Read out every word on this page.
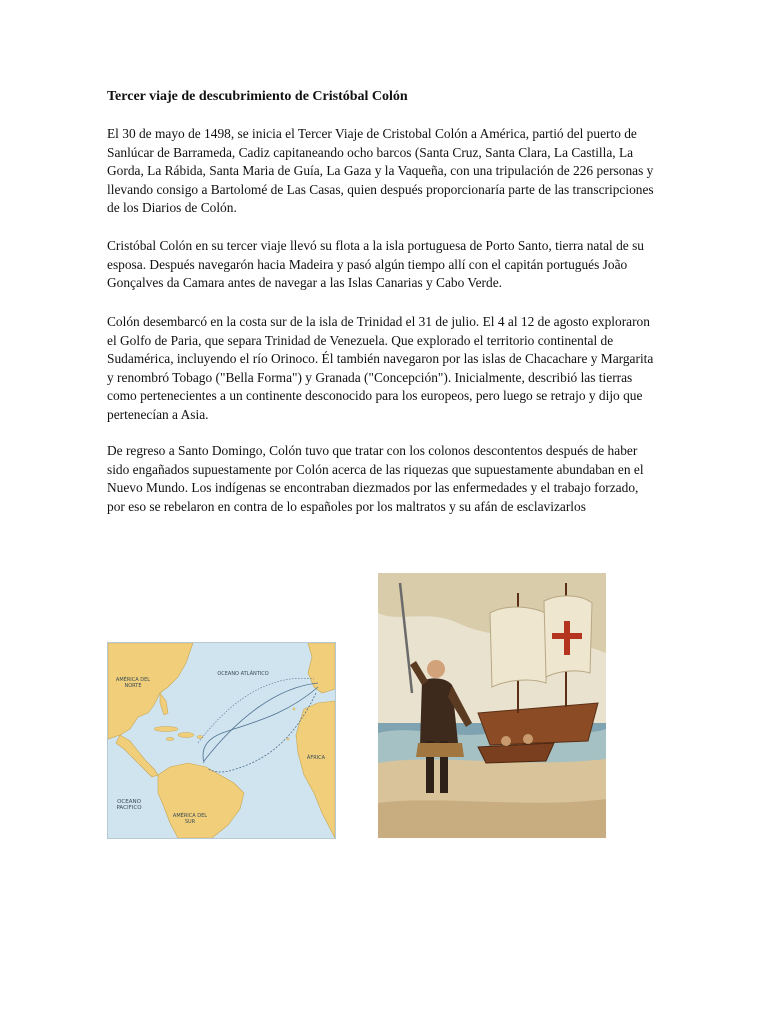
Tercer viaje de descubrimiento de Cristóbal Colón

El 30 de mayo de 1498, se inicia el Tercer Viaje de Cristobal Colón a América, partió del puerto de Sanlúcar de Barrameda, Cadiz capitaneando ocho barcos (Santa Cruz, Santa Clara, La Castilla, La Gorda, La Rábida, Santa Maria de Guía, La Gaza y la Vaqueña, con una tripulación de 226 personas y llevando consigo a Bartolomé de Las Casas, quien después proporcionaría parte de las transcripciones de los Diarios de Colón.

Cristóbal Colón en su tercer viaje llevó su flota a la isla portuguesa de Porto Santo, tierra natal de su esposa. Después navegarón hacia Madeira y pasó algún tiempo allí con el capitán portugués João Gonçalves da Camara antes de navegar a las Islas Canarias y Cabo Verde.

Colón desembarcó en la costa sur de la isla de Trinidad el 31 de julio. El 4 al 12 de agosto exploraron el Golfo de Paria, que separa Trinidad de Venezuela. Que explorado el territorio continental de Sudamérica, incluyendo el río Orinoco. Él también navegaron por las islas de Chacachare y Margarita y renombró Tobago ("Bella Forma") y Granada ("Concepción"). Inicialmente, describió las tierras como pertenecientes a un continente desconocido para los europeos, pero luego se retrajo y dijo que pertenecían a Asia.

De regreso a Santo Domingo, Colón tuvo que tratar con los colonos descontentos después de haber sido engañados supuestamente por Colón acerca de las riquezas que supuestamente abundaban en el Nuevo Mundo. Los indígenas se encontraban diezmados por las enfermedades y el trabajo forzado, por eso se rebelaron en contra de lo españoles por los maltratos y su afán de esclavizarlos

OCEANO ATLÁNTICO
AMÉRICA DEL NORTE
OCEANO PACIFICO
AMÉRICA DEL SUR
ÁFRICA
